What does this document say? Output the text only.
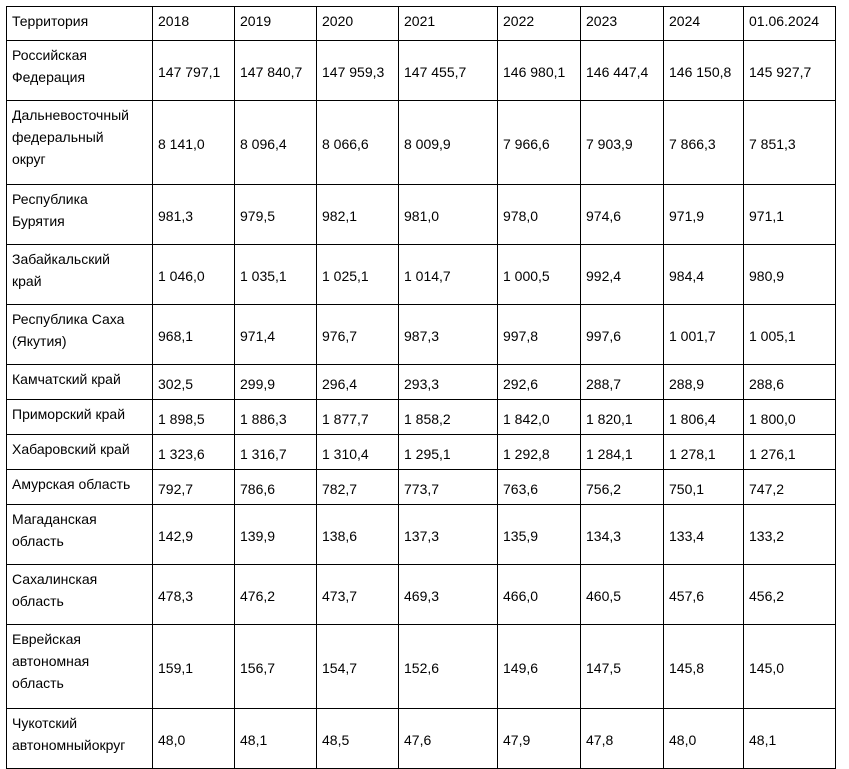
Территория	2018	2019	2020	2021	2022	2023	2024	01.06.2024

Российская
Федерация	147 797,1	147 840,7	147 959,3	147 455,7	146 980,1	146 447,4	146 150,8	145 927,7

Дальневосточный
федеральный
округ	8 141,0	8 096,4	8 066,6	8 009,9	7 966,6	7 903,9	7 866,3	7 851,3

Республика
Бурятия	981,3	979,5	982,1	981,0	978,0	974,6	971,9	971,1

Забайкальский
край	1 046,0	1 035,1	1 025,1	1 014,7	1 000,5	992,4	984,4	980,9

Республика Саха
(Якутия)	968,1	971,4	976,7	987,3	997,8	997,6	1 001,7	1 005,1

Камчатский край	302,5	299,9	296,4	293,3	292,6	288,7	288,9	288,6

Приморский край	1 898,5	1 886,3	1 877,7	1 858,2	1 842,0	1 820,1	1 806,4	1 800,0

Хабаровский край	1 323,6	1 316,7	1 310,4	1 295,1	1 292,8	1 284,1	1 278,1	1 276,1

Амурская область	792,7	786,6	782,7	773,7	763,6	756,2	750,1	747,2

Магаданская
область	142,9	139,9	138,6	137,3	135,9	134,3	133,4	133,2

Сахалинская
область	478,3	476,2	473,7	469,3	466,0	460,5	457,6	456,2

Еврейская
автономная
область	159,1	156,7	154,7	152,6	149,6	147,5	145,8	145,0

Чукотский
автономныйокруг	48,0	48,1	48,5	47,6	47,9	47,8	48,0	48,1
